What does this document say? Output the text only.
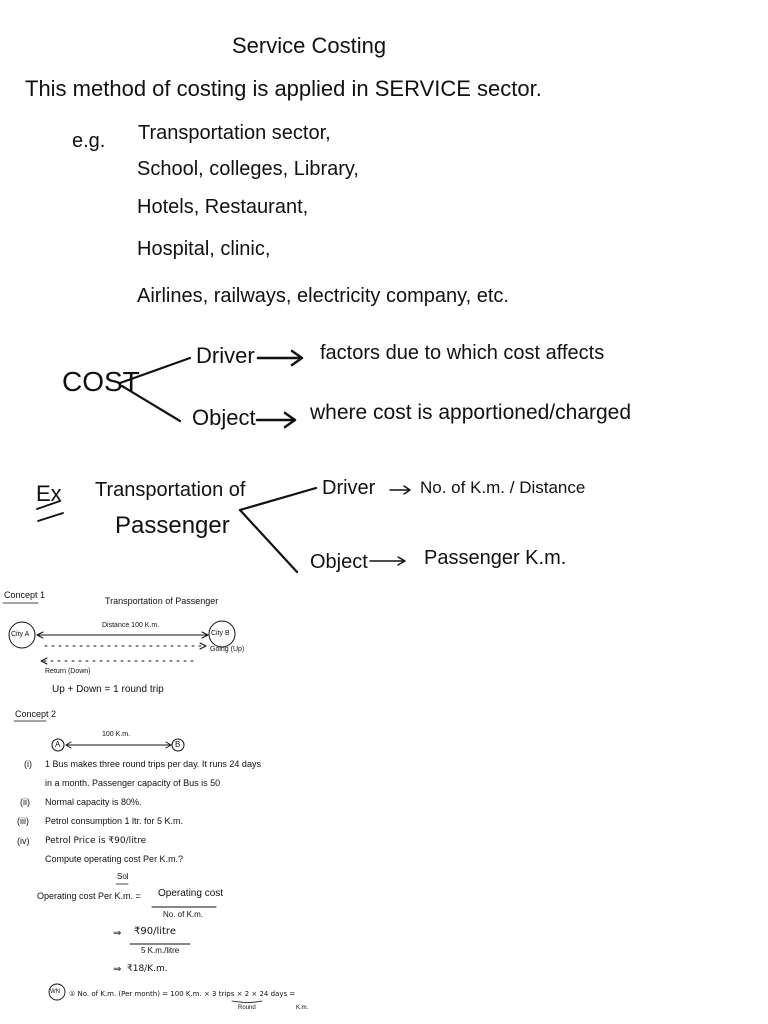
Service Costing
This method of costing is applied in SERVICE sector.
e.g. Transportation sector,
School, colleges, Library,
Hotels, Restaurant,
Hospital, clinic,
Airlines, railways, electricity company, etc.
COST
Driver	factors due to which cost affects
Object	where cost is apportioned/charged
Ex Transportation of
Passenger
Driver	No. of K.m. / Distance
Object	Passenger K.m.
Concept 1
Transportation of Passenger
City A	City B
Distance 100 K.m.
Going (Up)
Return (Down)
Up + Down = 1 round trip
Concept 2
A	B
100 K.m.
(i) 1 Bus makes three round trips per day. It runs 24 days
in a month. Passenger capacity of Bus is 50
(ii) Normal capacity is 80%.
(iii) Petrol consumption 1 ltr. for 5 K.m.
(iv) Petrol Price is ₹90/litre
Compute operating cost Per K.m.?
Sol
Operating cost Per K.m. = Operating cost
No. of K.m.
⇒ ₹90/litre
5 K.m./litre
⇒ ₹18/K.m.
WN ① No. of K.m. (Per month) = 100 K.m. × 3 trips × 2 × 24 days =
Round	K.m.
